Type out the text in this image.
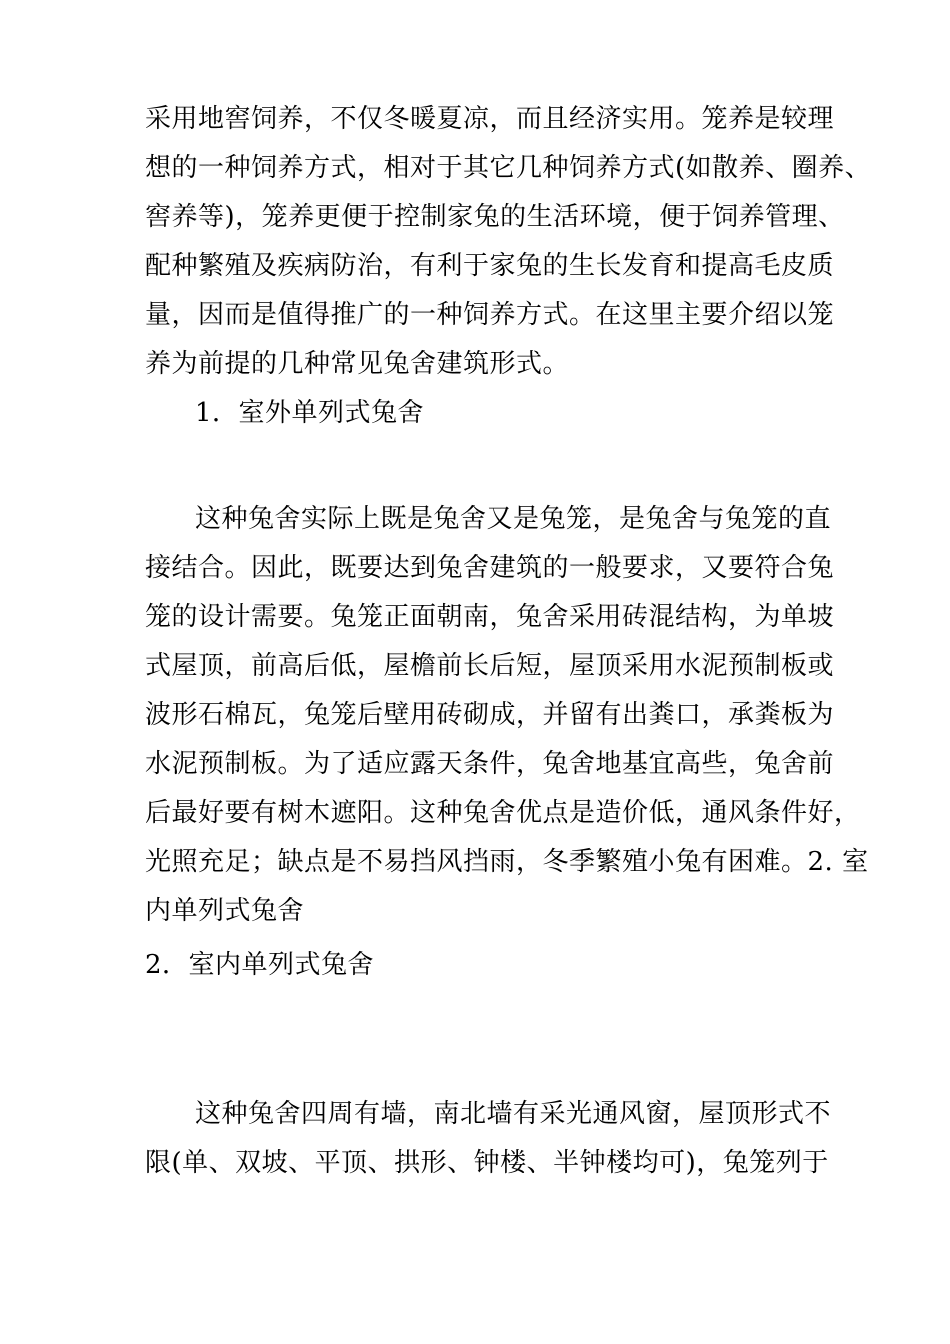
采用地窖饲养，不仅冬暖夏凉，而且经济实用。笼养是较理
想的一种饲养方式，相对于其它几种饲养方式(如散养、圈养、
窖养等)，笼养更便于控制家兔的生活环境，便于饲养管理、
配种繁殖及疾病防治，有利于家兔的生长发育和提高毛皮质
量，因而是值得推广的一种饲养方式。在这里主要介绍以笼
养为前提的几种常见兔舍建筑形式。
1．室外单列式兔舍
这种兔舍实际上既是兔舍又是兔笼，是兔舍与兔笼的直
接结合。因此，既要达到兔舍建筑的一般要求，又要符合兔
笼的设计需要。兔笼正面朝南，兔舍采用砖混结构，为单坡
式屋顶，前高后低，屋檐前长后短，屋顶采用水泥预制板或
波形石棉瓦，兔笼后壁用砖砌成，并留有出粪口，承粪板为
水泥预制板。为了适应露天条件，兔舍地基宜高些，兔舍前
后最好要有树木遮阳。这种兔舍优点是造价低，通风条件好，
光照充足；缺点是不易挡风挡雨，冬季繁殖小兔有困难。2. 室
内单列式兔舍
2．室内单列式兔舍
这种兔舍四周有墙，南北墙有采光通风窗，屋顶形式不
限(单、双坡、平顶、拱形、钟楼、半钟楼均可)，兔笼列于
